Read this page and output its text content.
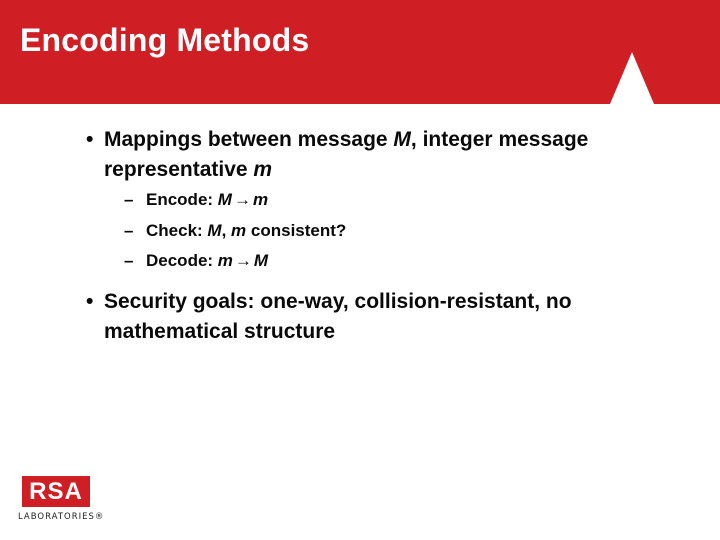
Encoding Methods
• Mappings between message M, integer message representative m
– Encode: M → m
– Check: M, m consistent?
– Decode: m → M
• Security goals: one-way, collision-resistant, no mathematical structure
RSA
LABORATORIES®
